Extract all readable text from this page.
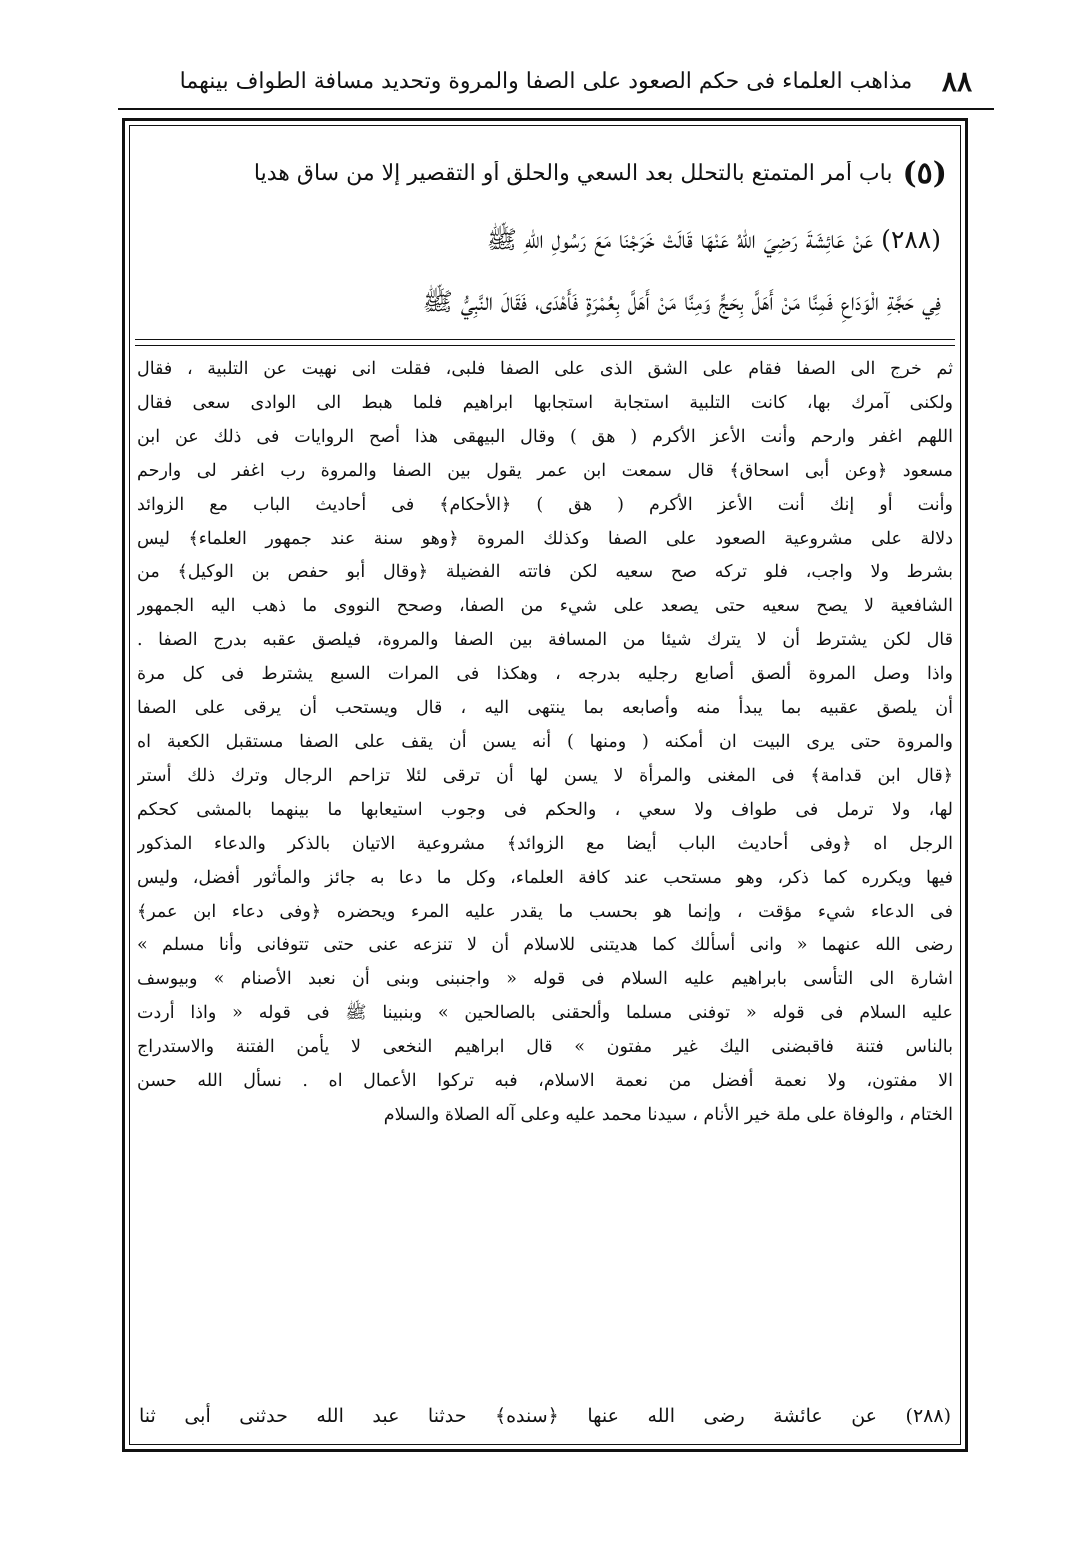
٨٨
مذاهب العلماء فى حكم الصعود على الصفا والمروة وتحديد مسافة الطواف بينهما
(٥)
باب أمر المتمتع بالتحلل بعد السعي والحلق أو التقصير إلا من ساق هديا
(٢٨٨) عَنْ عَائِشَةَ رَضِيَ اللهُ عَنْهَا قَالَتْ خَرَجْنَا مَعَ رَسُولِ اللهِ ﷺ
فِي حَجَّةِ الْوَدَاعِ فَمِنَّا مَنْ أَهَلَّ بِحَجٍّ وَمِنَّا مَنْ أَهَلَّ بِعُمْرَةٍ فَأَهْدَى، فَقَالَ النَّبِيُّ ﷺ
ثم خرج الى الصفا فقام على الشق الذى على الصفا فلبى، فقلت انى نهيت عن التلبية ، فقال
ولكنى آمرك بها، كانت التلبية استجابة استجابها ابراهيم فلما هبط الى الوادى سعى فقال
اللهم اغفر وارحم وأنت الأعز الأكرم ( هق ) وقال البيهقى هذا أصح الروايات فى ذلك عن ابن
مسعود ﴿وعن أبى اسحاق﴾ قال سمعت ابن عمر يقول بين الصفا والمروة رب اغفر لى وارحم
وأنت أو إنك أنت الأعز الأكرم ( هق ) ﴿الأحكام﴾ فى أحاديث الباب مع الزوائد
دلالة على مشروعية الصعود على الصفا وكذلك المروة ﴿وهو سنة عند جمهور العلماء﴾ ليس
بشرط ولا واجب، فلو تركه صح سعيه لكن فاتته الفضيلة ﴿وقال أبو حفص بن الوكيل﴾ من
الشافعية لا يصح سعيه حتى يصعد على شيء من الصفا، وصحح النووى ما ذهب اليه الجمهور
قال لكن يشترط أن لا يترك شيئا من المسافة بين الصفا والمروة، فيلصق عقبه بدرج الصفا .
واذا وصل المروة ألصق أصابع رجليه بدرجه ، وهكذا فى المرات السبع يشترط فى كل مرة
أن يلصق عقبيه بما يبدأ منه وأصابعه بما ينتهى اليه ، قال ويستحب أن يرقى على الصفا
والمروة حتى يرى البيت ان أمكنه ( ومنها ) أنه يسن أن يقف على الصفا مستقبل الكعبة اه
﴿قال ابن قدامة﴾ فى المغنى والمرأة لا يسن لها أن ترقى لئلا تزاحم الرجال وترك ذلك أستر
لها، ولا ترمل فى طواف ولا سعي ، والحكم فى وجوب استيعابها ما بينهما بالمشى كحكم
الرجل اه ﴿وفى أحاديث الباب أيضا مع الزوائد﴾ مشروعية الاتيان بالذكر والدعاء المذكور
فيها ويكرره كما ذكر، وهو مستحب عند كافة العلماء، وكل ما دعا به جائز والمأثور أفضل، وليس
فى الدعاء شيء مؤقت ، وإنما هو بحسب ما يقدر عليه المرء ويحضره ﴿وفى دعاء ابن عمر﴾
رضى الله عنهما « وانى أسألك كما هديتنى للاسلام أن لا تنزعه عنى حتى تتوفانى وأنا مسلم »
اشارة الى التأسى بابراهيم عليه السلام فى قوله « واجنبنى وبنى أن نعبد الأصنام » وبيوسف
عليه السلام فى قوله « توفنى مسلما وألحقنى بالصالحين » وبنبينا ﷺ فى قوله « واذا أردت
بالناس فتنة فاقبضنى اليك غير مفتون » قال ابراهيم النخعى لا يأمن الفتنة والاستدراج
الا مفتون، ولا نعمة أفضل من نعمة الاسلام، فبه تركوا الأعمال اه . نسأل الله حسن
الختام ، والوفاة على ملة خير الأنام ، سيدنا محمد عليه وعلى آله الصلاة والسلام
(٢٨٨) عن عائشة رضى الله عنها ﴿سنده﴾ حدثنا عبد الله حدثنى أبى ثنا
